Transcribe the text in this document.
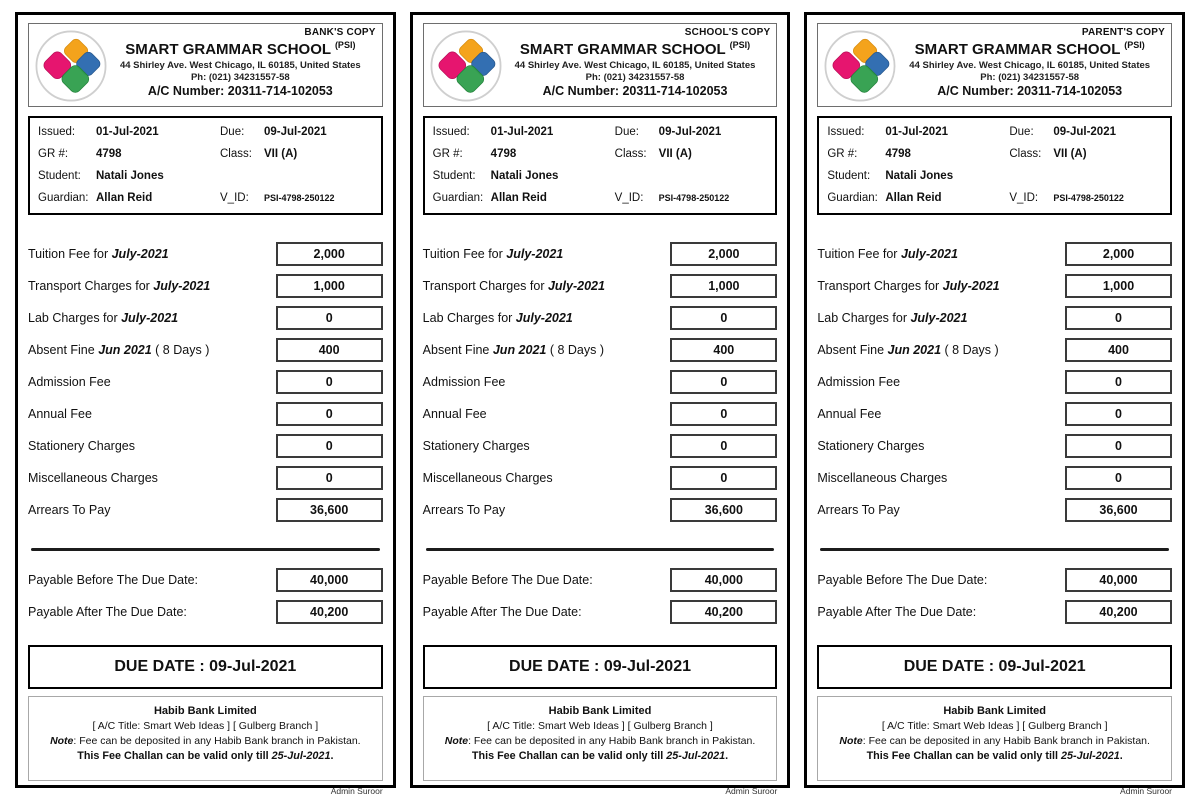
BANK'S COPY
SMART GRAMMAR SCHOOL $^{(PSI)}$
44 Shirley Ave. West Chicago, IL 60185, United States
Ph: (021) 34231557-58
A/C Number: 20311-714-102053
Issued:	01-Jul-2021	Due:	09-Jul-2021
GR #:	4798	Class:	VII (A)
Student:	Natali Jones
Guardian: Allan Reid	V_ID:	PSI-4798-250122
Tuition Fee for July-2021	2,000
Transport Charges for July-2021	1,000
Lab Charges for July-2021	0
Absent Fine Jun 2021 ( 8 Days )	400
Admission Fee	0
Annual Fee	0
Stationery Charges	0
Miscellaneous Charges	0
Arrears To Pay	36,600
Payable Before The Due Date:	40,000
Payable After The Due Date:	40,200
DUE DATE : 09-Jul-2021
Habib Bank Limited
[ A/C Title: Smart Web Ideas ] [ Gulberg Branch ]
Note: Fee can be deposited in any Habib Bank branch in Pakistan.
This Fee Challan can be valid only till 25-Jul-2021.
Admin Suroor
SCHOOL'S COPY
SMART GRAMMAR SCHOOL $^{(PSI)}$
44 Shirley Ave. West Chicago, IL 60185, United States
Ph: (021) 34231557-58
A/C Number: 20311-714-102053
Issued:	01-Jul-2021	Due:	09-Jul-2021
GR #:	4798	Class:	VII (A)
Student:	Natali Jones
Guardian: Allan Reid	V_ID:	PSI-4798-250122
Tuition Fee for July-2021	2,000
Transport Charges for July-2021	1,000
Lab Charges for July-2021	0
Absent Fine Jun 2021 ( 8 Days )	400
Admission Fee	0
Annual Fee	0
Stationery Charges	0
Miscellaneous Charges	0
Arrears To Pay	36,600
Payable Before The Due Date:	40,000
Payable After The Due Date:	40,200
DUE DATE : 09-Jul-2021
Habib Bank Limited
[ A/C Title: Smart Web Ideas ] [ Gulberg Branch ]
Note: Fee can be deposited in any Habib Bank branch in Pakistan.
This Fee Challan can be valid only till 25-Jul-2021.
Admin Suroor
PARENT'S COPY
SMART GRAMMAR SCHOOL $^{(PSI)}$
44 Shirley Ave. West Chicago, IL 60185, United States
Ph: (021) 34231557-58
A/C Number: 20311-714-102053
Issued:	01-Jul-2021	Due:	09-Jul-2021
GR #:	4798	Class:	VII (A)
Student:	Natali Jones
Guardian: Allan Reid	V_ID:	PSI-4798-250122
Tuition Fee for July-2021	2,000
Transport Charges for July-2021	1,000
Lab Charges for July-2021	0
Absent Fine Jun 2021 ( 8 Days )	400
Admission Fee	0
Annual Fee	0
Stationery Charges	0
Miscellaneous Charges	0
Arrears To Pay	36,600
Payable Before The Due Date:	40,000
Payable After The Due Date:	40,200
DUE DATE : 09-Jul-2021
Habib Bank Limited
[ A/C Title: Smart Web Ideas ] [ Gulberg Branch ]
Note: Fee can be deposited in any Habib Bank branch in Pakistan.
This Fee Challan can be valid only till 25-Jul-2021.
Admin Suroor
